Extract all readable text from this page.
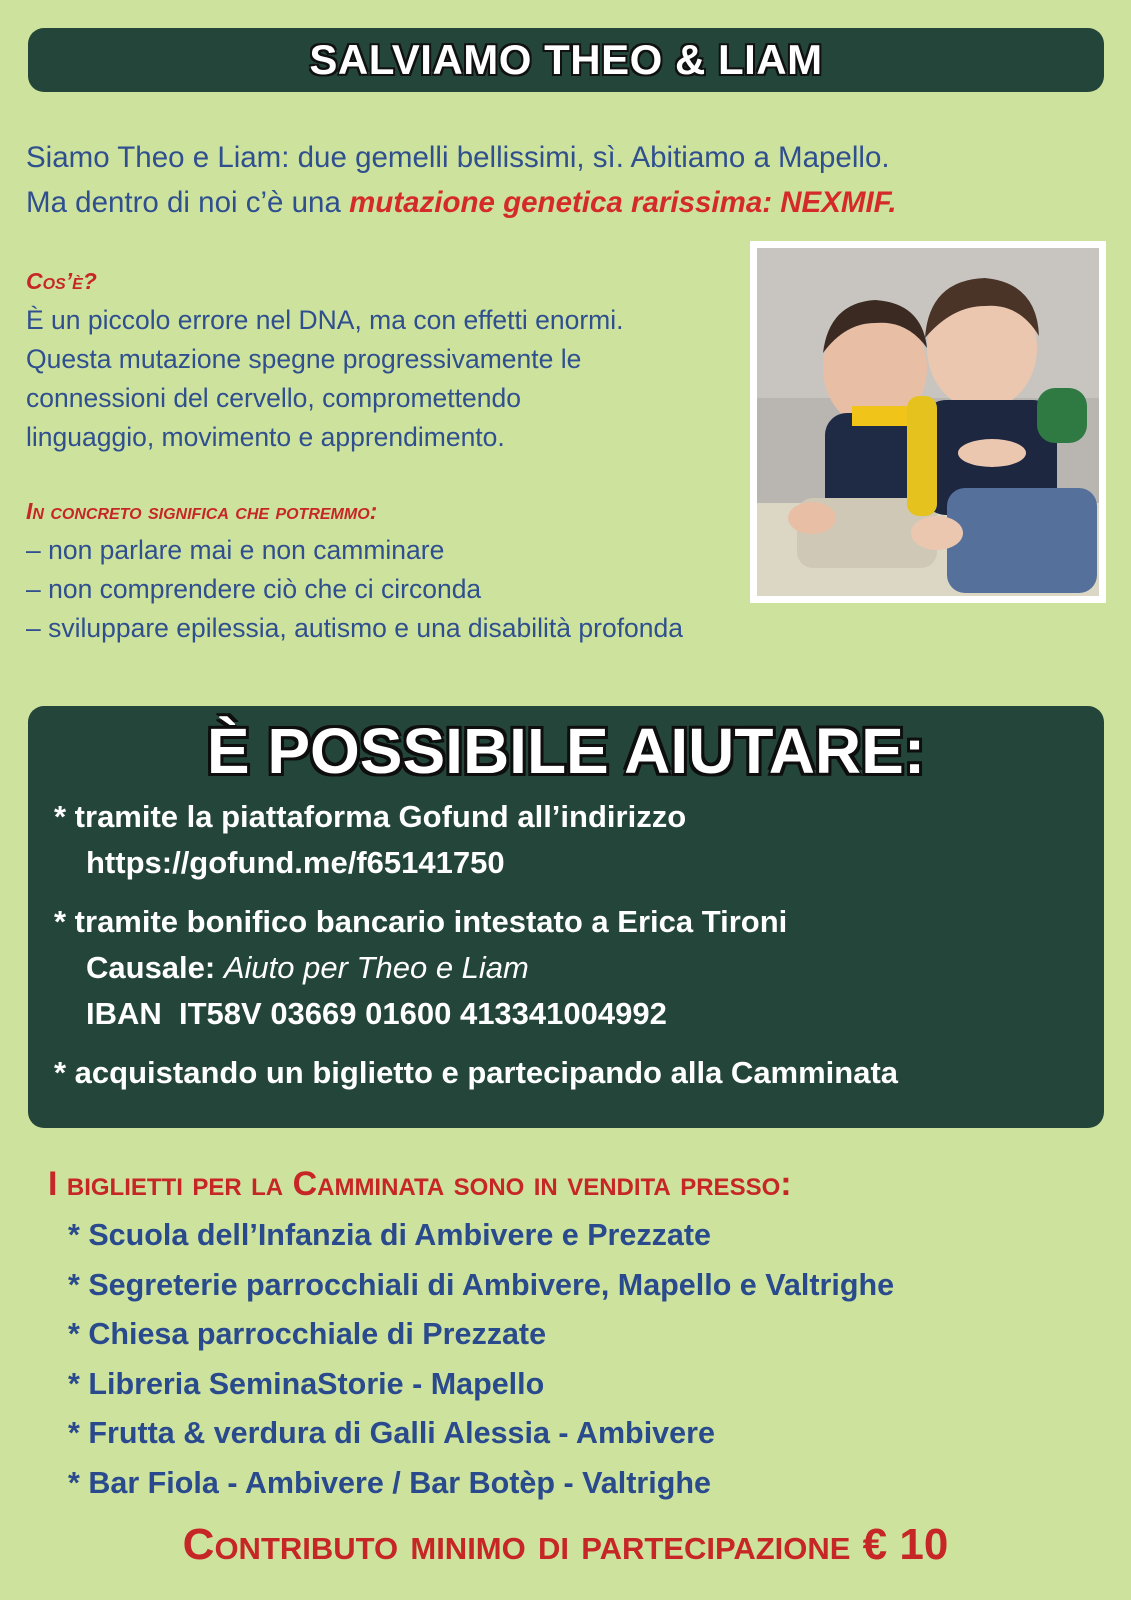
SALVIAMO THEO & LIAM
Siamo Theo e Liam: due gemelli bellissimi, sì. Abitiamo a Mapello.
Ma dentro di noi c’è una mutazione genetica rarissima: NEXMIF.
Cos’è?
È un piccolo errore nel DNA, ma con effetti enormi.
Questa mutazione spegne progressivamente le
connessioni del cervello, compromettendo
linguaggio, movimento e apprendimento.
In concreto significa che potremmo:
– non parlare mai e non camminare
– non comprendere ciò che ci circonda
– sviluppare epilessia, autismo e una disabilità profonda
È POSSIBILE AIUTARE:
* tramite la piattaforma Gofund all’indirizzo
https://gofund.me/f65141750
* tramite bonifico bancario intestato a Erica Tironi
Causale: Aiuto per Theo e Liam
IBAN  IT58V 03669 01600 413341004992
* acquistando un biglietto e partecipando alla Camminata
I biglietti per la Camminata sono in vendita presso:
* Scuola dell’Infanzia di Ambivere e Prezzate
* Segreterie parrocchiali di Ambivere, Mapello e Valtrighe
* Chiesa parrocchiale di Prezzate
* Libreria SeminaStorie - Mapello
* Frutta & verdura di Galli Alessia - Ambivere
* Bar Fiola - Ambivere / Bar Botèp - Valtrighe
Contributo minimo di partecipazione € 10
